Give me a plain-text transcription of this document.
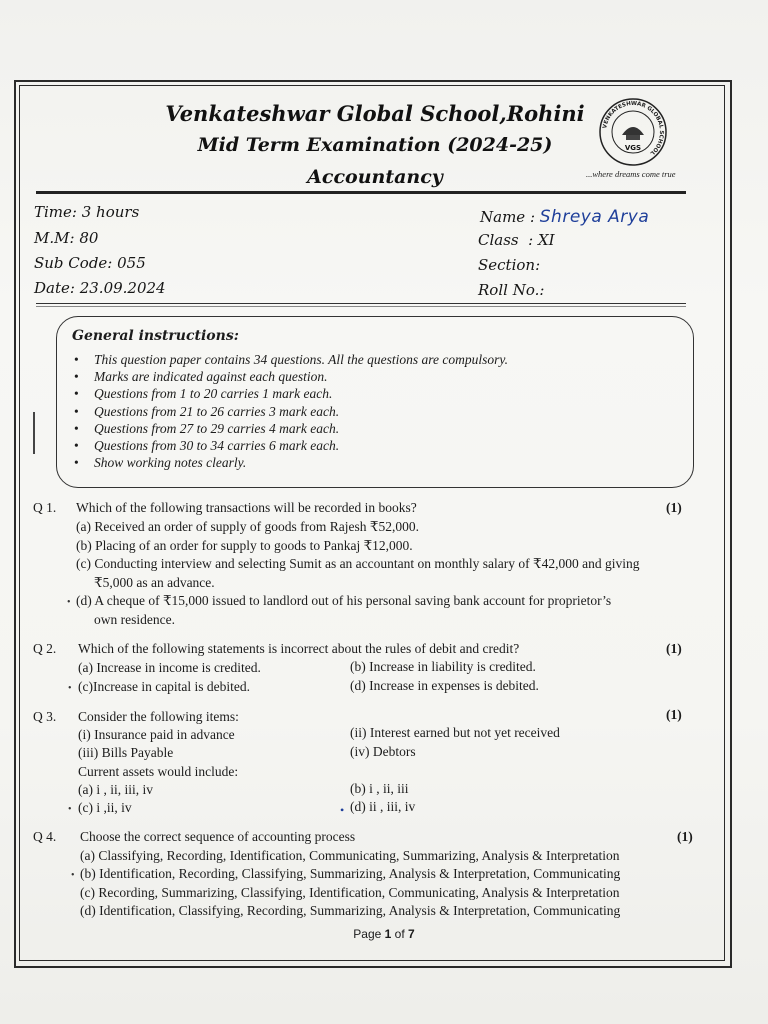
Venkateshwar Global School,Rohini
Mid Term Examination (2024-25)
Accountancy
VENKATESHWAR GLOBAL SCHOOL
VGS
...where dreams come true
Time: 3 hours
M.M: 80
Sub Code: 055
Date: 23.09.2024
Name : Shreya Arya
Class : XI
Section:
Roll No.:
General instructions:
• This question paper contains 34 questions. All the questions are compulsory.
• Marks are indicated against each question.
• Questions from 1 to 20 carries 1 mark each.
• Questions from 21 to 26 carries 3 mark each.
• Questions from 27 to 29 carries 4 mark each.
• Questions from 30 to 34 carries 6 mark each.
• Show working notes clearly.
Q 1. Which of the following transactions will be recorded in books?	(1)
(a) Received an order of supply of goods from Rajesh ₹52,000.
(b) Placing of an order for supply to goods to Pankaj ₹12,000.
(c) Conducting interview and selecting Sumit as an accountant on monthly salary of ₹42,000 and giving
₹5,000 as an advance.
• (d) A cheque of ₹15,000 issued to landlord out of his personal saving bank account for proprietor’s
own residence.
Q 2. Which of the following statements is incorrect about the rules of debit and credit?	(1)
(a) Increase in income is credited.	(b) Increase in liability is credited.
• (c)Increase in capital is debited.	(d) Increase in expenses is debited.
Q 3. Consider the following items:	(1)
(i) Insurance paid in advance	(ii) Interest earned but not yet received
(iii) Bills Payable	(iv) Debtors
Current assets would include:
(a) i , ii, iii, iv	(b) i , ii, iii
• (c) i ,ii, iv	• (d) ii , iii, iv
Q 4. Choose the correct sequence of accounting process	(1)
(a) Classifying, Recording, Identification, Communicating, Summarizing, Analysis & Interpretation
• (b) Identification, Recording, Classifying, Summarizing, Analysis & Interpretation, Communicating
(c) Recording, Summarizing, Classifying, Identification, Communicating, Analysis & Interpretation
(d) Identification, Classifying, Recording, Summarizing, Analysis & Interpretation, Communicating
Page 1 of 7
